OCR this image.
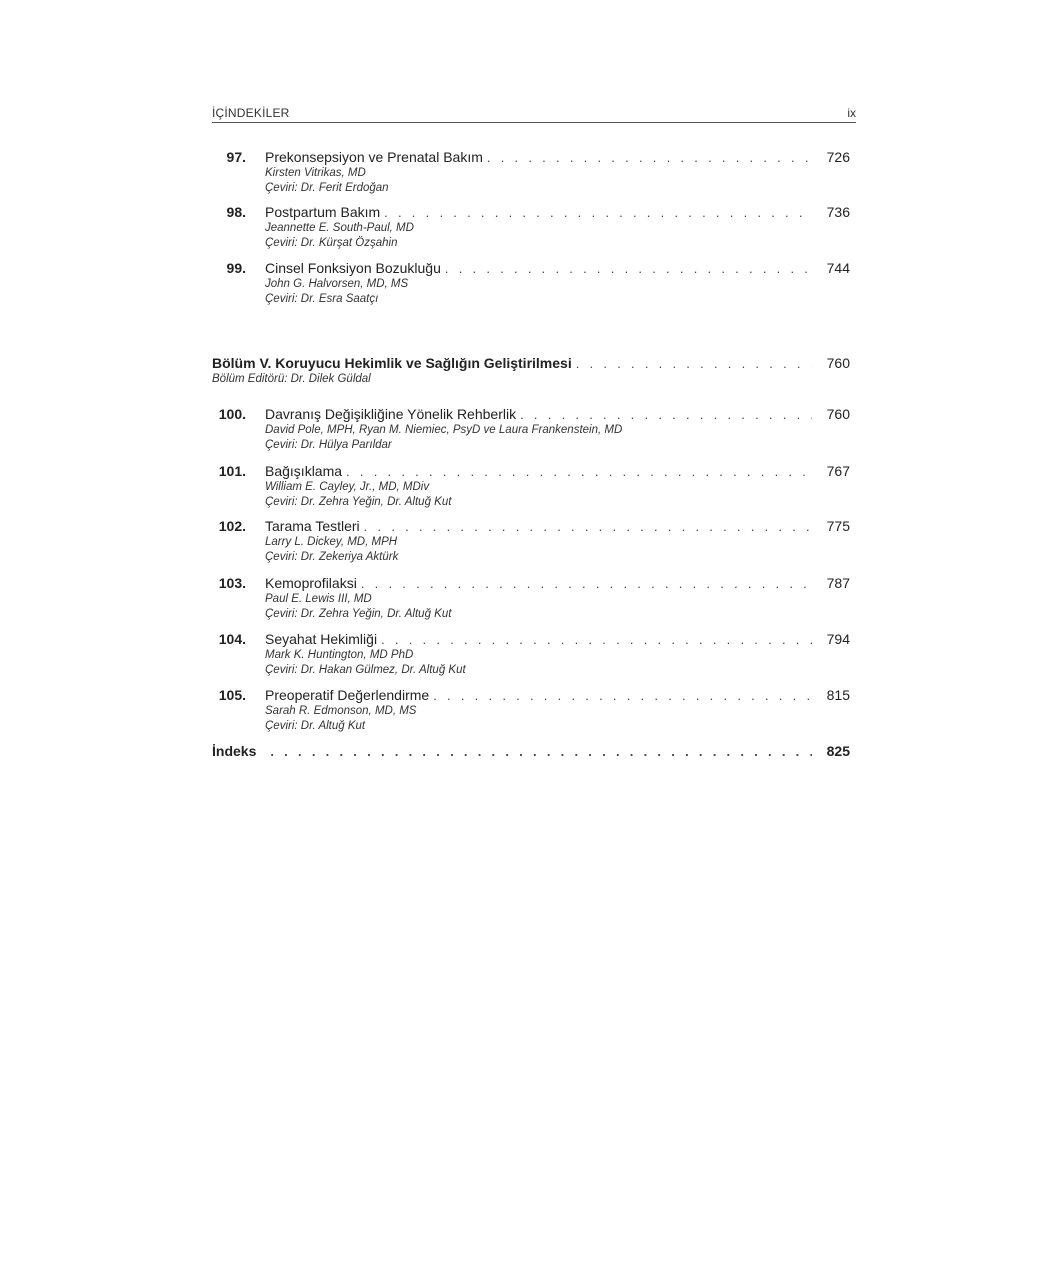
İÇİNDEKİLER	ix
97. Prekonsepsiyon ve Prenatal Bakım . . .	726
Kirsten Vitrikas, MD
Çeviri: Dr. Ferit Erdoğan
98. Postpartum Bakım . . .	736
Jeannette E. South-Paul, MD
Çeviri: Dr. Kürşat Özşahin
99. Cinsel Fonksiyon Bozukluğu . . .	744
John G. Halvorsen, MD, MS
Çeviri: Dr. Esra Saatçı
Bölüm V. Koruyucu Hekimlik ve Sağlığın Geliştirilmesi . . .	760
Bölüm Editörü: Dr. Dilek Güldal
100. Davranış Değişikliğine Yönelik Rehberlik . . .	760
David Pole, MPH, Ryan M. Niemiec, PsyD ve Laura Frankenstein, MD
Çeviri: Dr. Hülya Parıldar
101. Bağışıklama . . .	767
William E. Cayley, Jr., MD, MDiv
Çeviri: Dr. Zehra Yeğin, Dr. Altuğ Kut
102. Tarama Testleri . . .	775
Larry L. Dickey, MD, MPH
Çeviri: Dr. Zekeriya Aktürk
103. Kemoprofilaksi . . .	787
Paul E. Lewis III, MD
Çeviri: Dr. Zehra Yeğin, Dr. Altuğ Kut
104. Seyahat Hekimliği . . .	794
Mark K. Huntington, MD PhD
Çeviri: Dr. Hakan Gülmez, Dr. Altuğ Kut
105. Preoperatif Değerlendirme . . .	815
Sarah R. Edmonson, MD, MS
Çeviri: Dr. Altuğ Kut
İndeks . . .	825
